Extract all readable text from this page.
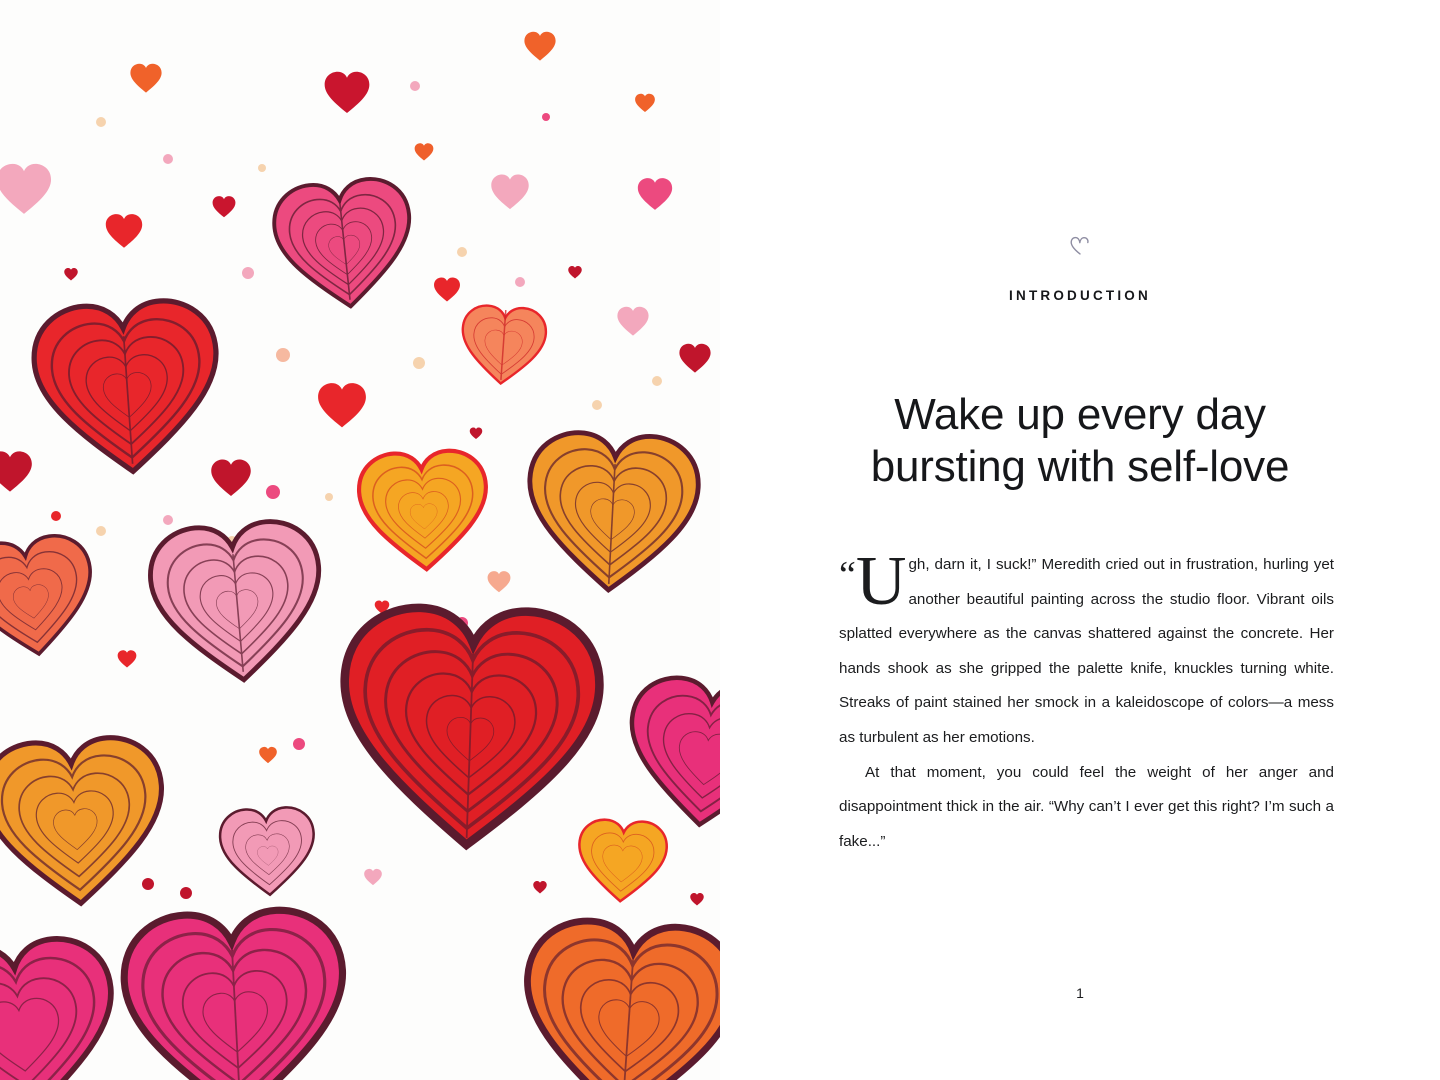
INTRODUCTION
Wake up every day
bursting with self-love

“U gh, darn it, I suck!” Meredith cried out in frustration, hurling yet another beautiful painting across the studio floor. Vibrant oils splatted everywhere as the canvas shattered against the concrete. Her hands shook as she gripped the palette knife, knuckles turning white. Streaks of paint stained her smock in a kaleidoscope of colors—a mess as turbulent as her emotions.

At that moment, you could feel the weight of her anger and disappointment thick in the air. “Why can’t I ever get this right? I’m such a fake...”

1
